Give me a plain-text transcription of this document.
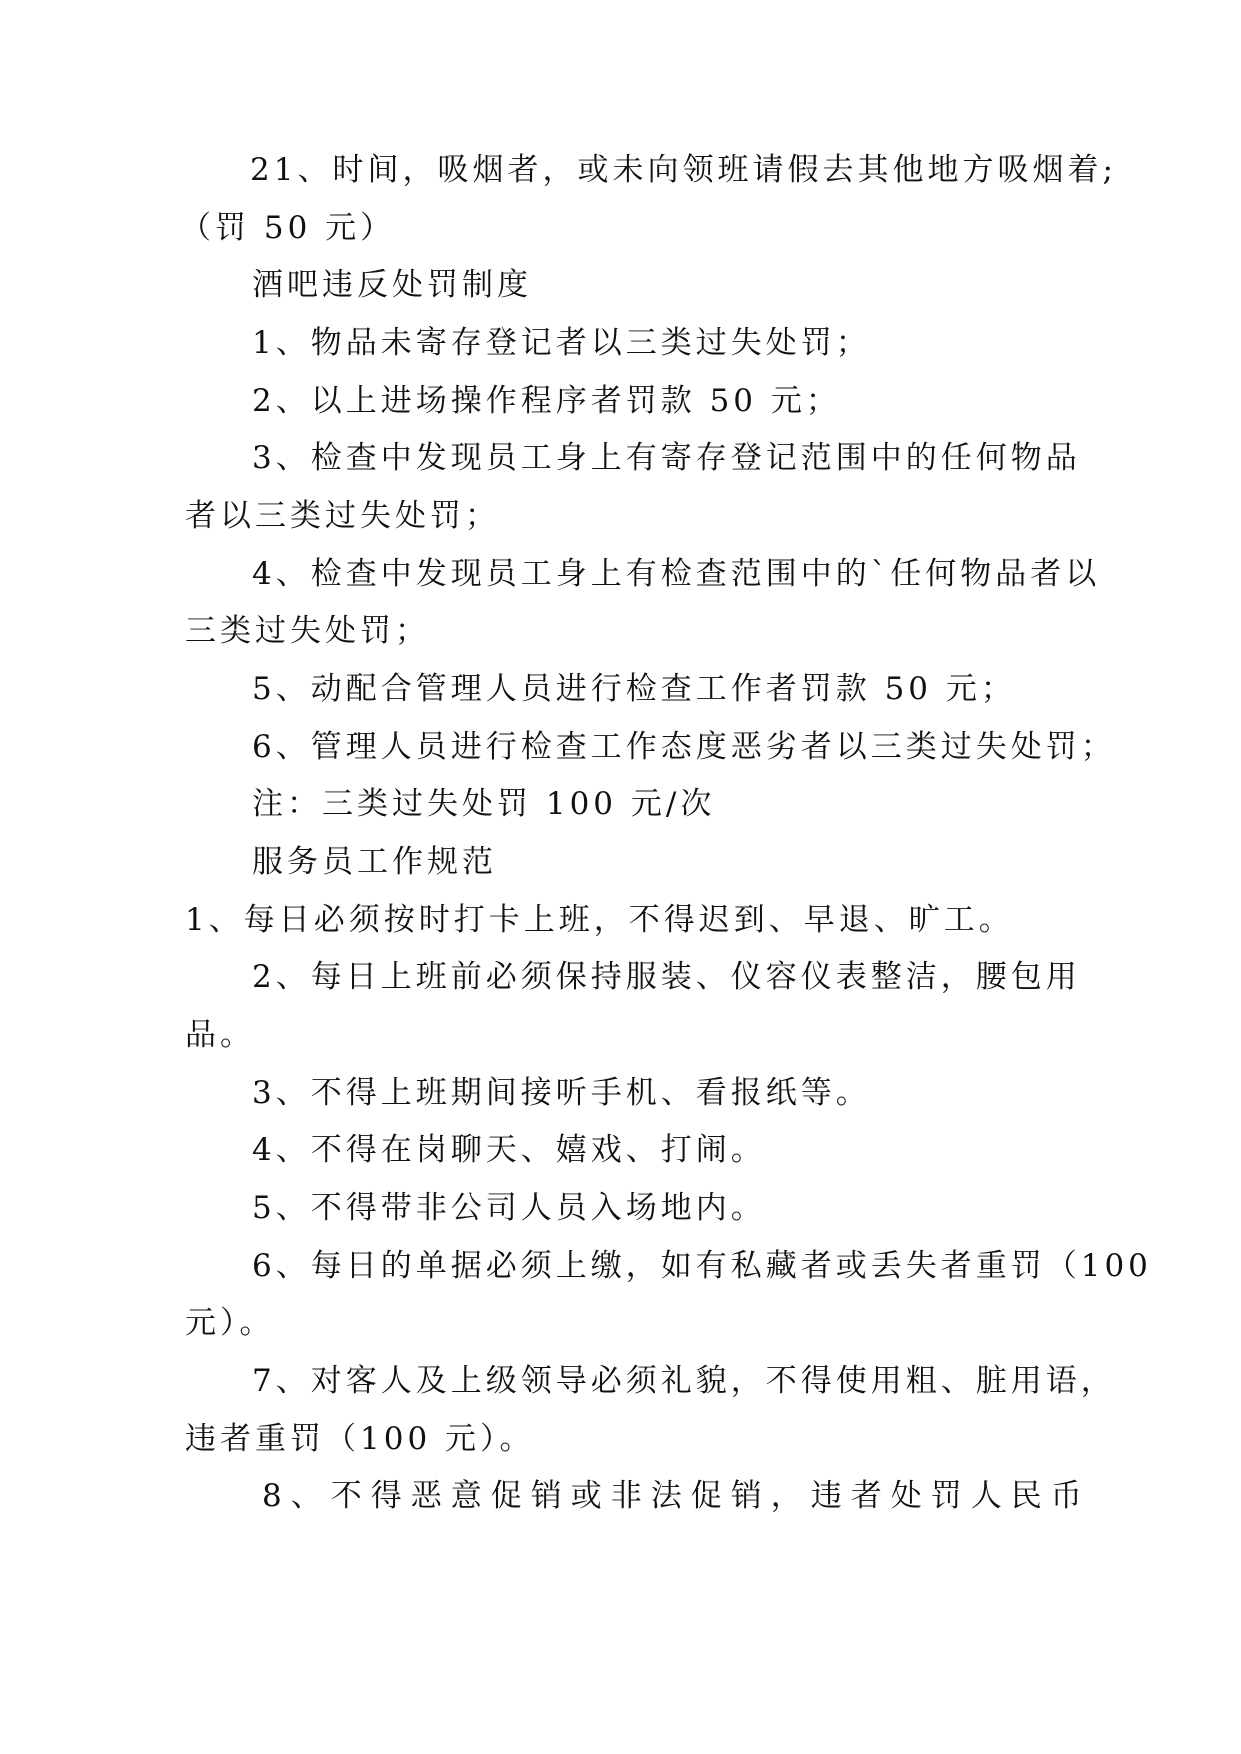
21、时间，吸烟者，或未向领班请假去其他地方吸烟着;
（罚 50 元）
酒吧违反处罚制度
1、物品未寄存登记者以三类过失处罚；
2、以上进场操作程序者罚款 50 元；
3、检查中发现员工身上有寄存登记范围中的任何物品
者以三类过失处罚；
4、检查中发现员工身上有检查范围中的`任何物品者以
三类过失处罚；
5、动配合管理人员进行检查工作者罚款 50 元；
6、管理人员进行检查工作态度恶劣者以三类过失处罚；
注：三类过失处罚 100 元/次
服务员工作规范
1、每日必须按时打卡上班，不得迟到、早退、旷工。
2、每日上班前必须保持服装、仪容仪表整洁，腰包用
品。
3、不得上班期间接听手机、看报纸等。
4、不得在岗聊天、嬉戏、打闹。
5、不得带非公司人员入场地内。
6、每日的单据必须上缴，如有私藏者或丢失者重罚（100
元）。
7、对客人及上级领导必须礼貌，不得使用粗、脏用语，
违者重罚（100 元）。
8、不得恶意促销或非法促销，违者处罚人民币
